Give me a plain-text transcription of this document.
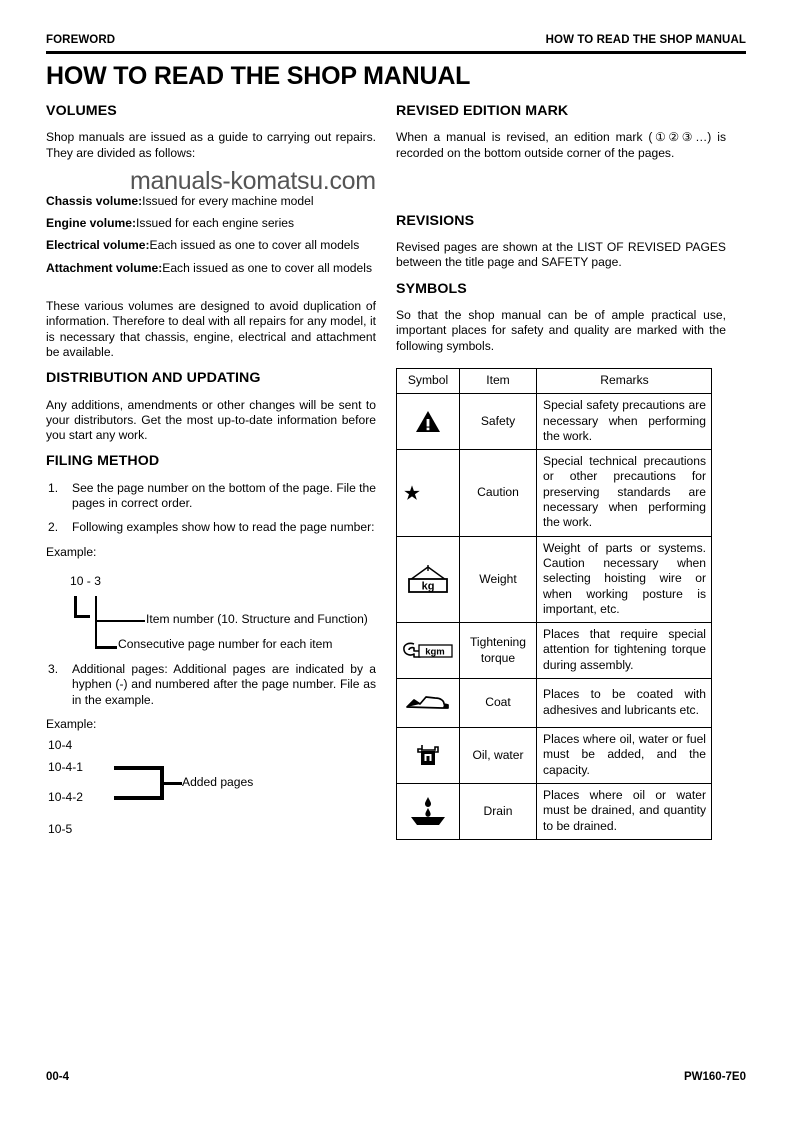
FOREWORD	HOW TO READ THE SHOP MANUAL
HOW TO READ THE SHOP MANUAL
VOLUMES

Shop manuals are issued as a guide to carrying out repairs. They are divided as follows:

Chassis volume:Issued for every machine model
Engine volume:Issued for each engine series
Electrical volume:Each issued as one to cover all models
Attachment volume:Each issued as one to cover all models

These various volumes are designed to avoid duplication of information. Therefore to deal with all repairs for any model, it is necessary that chassis, engine, electrical and attachment be available.

DISTRIBUTION AND UPDATING

Any additions, amendments or other changes will be sent to your distributors. Get the most up-to-date information before you start any work.

FILING METHOD
1. See the page number on the bottom of the page. File the pages in correct order.
2. Following examples show how to read the page number:

Example:

10 - 3
Item number (10. Structure and Function)
Consecutive page number for each item
3. Additional pages: Additional pages are indicated by a hyphen (-) and numbered after the page number. File as in the example.

Example:

10-4
10-4-1
10-4-2
10-5
Added pages
REVISED EDITION MARK

When a manual is revised, an edition mark (①②③…) is recorded on the bottom outside corner of the pages.

REVISIONS

Revised pages are shown at the LIST OF REVISED PAGES between the title page and SAFETY page.

SYMBOLS

So that the shop manual can be of ample practical use, important places for safety and quality are marked with the following symbols.

Symbol	Item	Remarks

	Safety	Special safety precautions are necessary when performing the work.

	Caution	Special technical precautions or other precautions for preserving standards are necessary when performing the work.

kg	Weight	Weight of parts or systems. Caution necessary when selecting hoisting wire or when working posture is important, etc.

kgm	Tightening torque	Places that require special attention for tightening torque during assembly.

	Coat	Places to be coated with adhesives and lubricants etc.

	Oil, water	Places where oil, water or fuel must be added, and the capacity.

	Drain	Places where oil or water must be drained, and quantity to be drained.
manuals-komatsu.com
00-4	PW160-7E0
